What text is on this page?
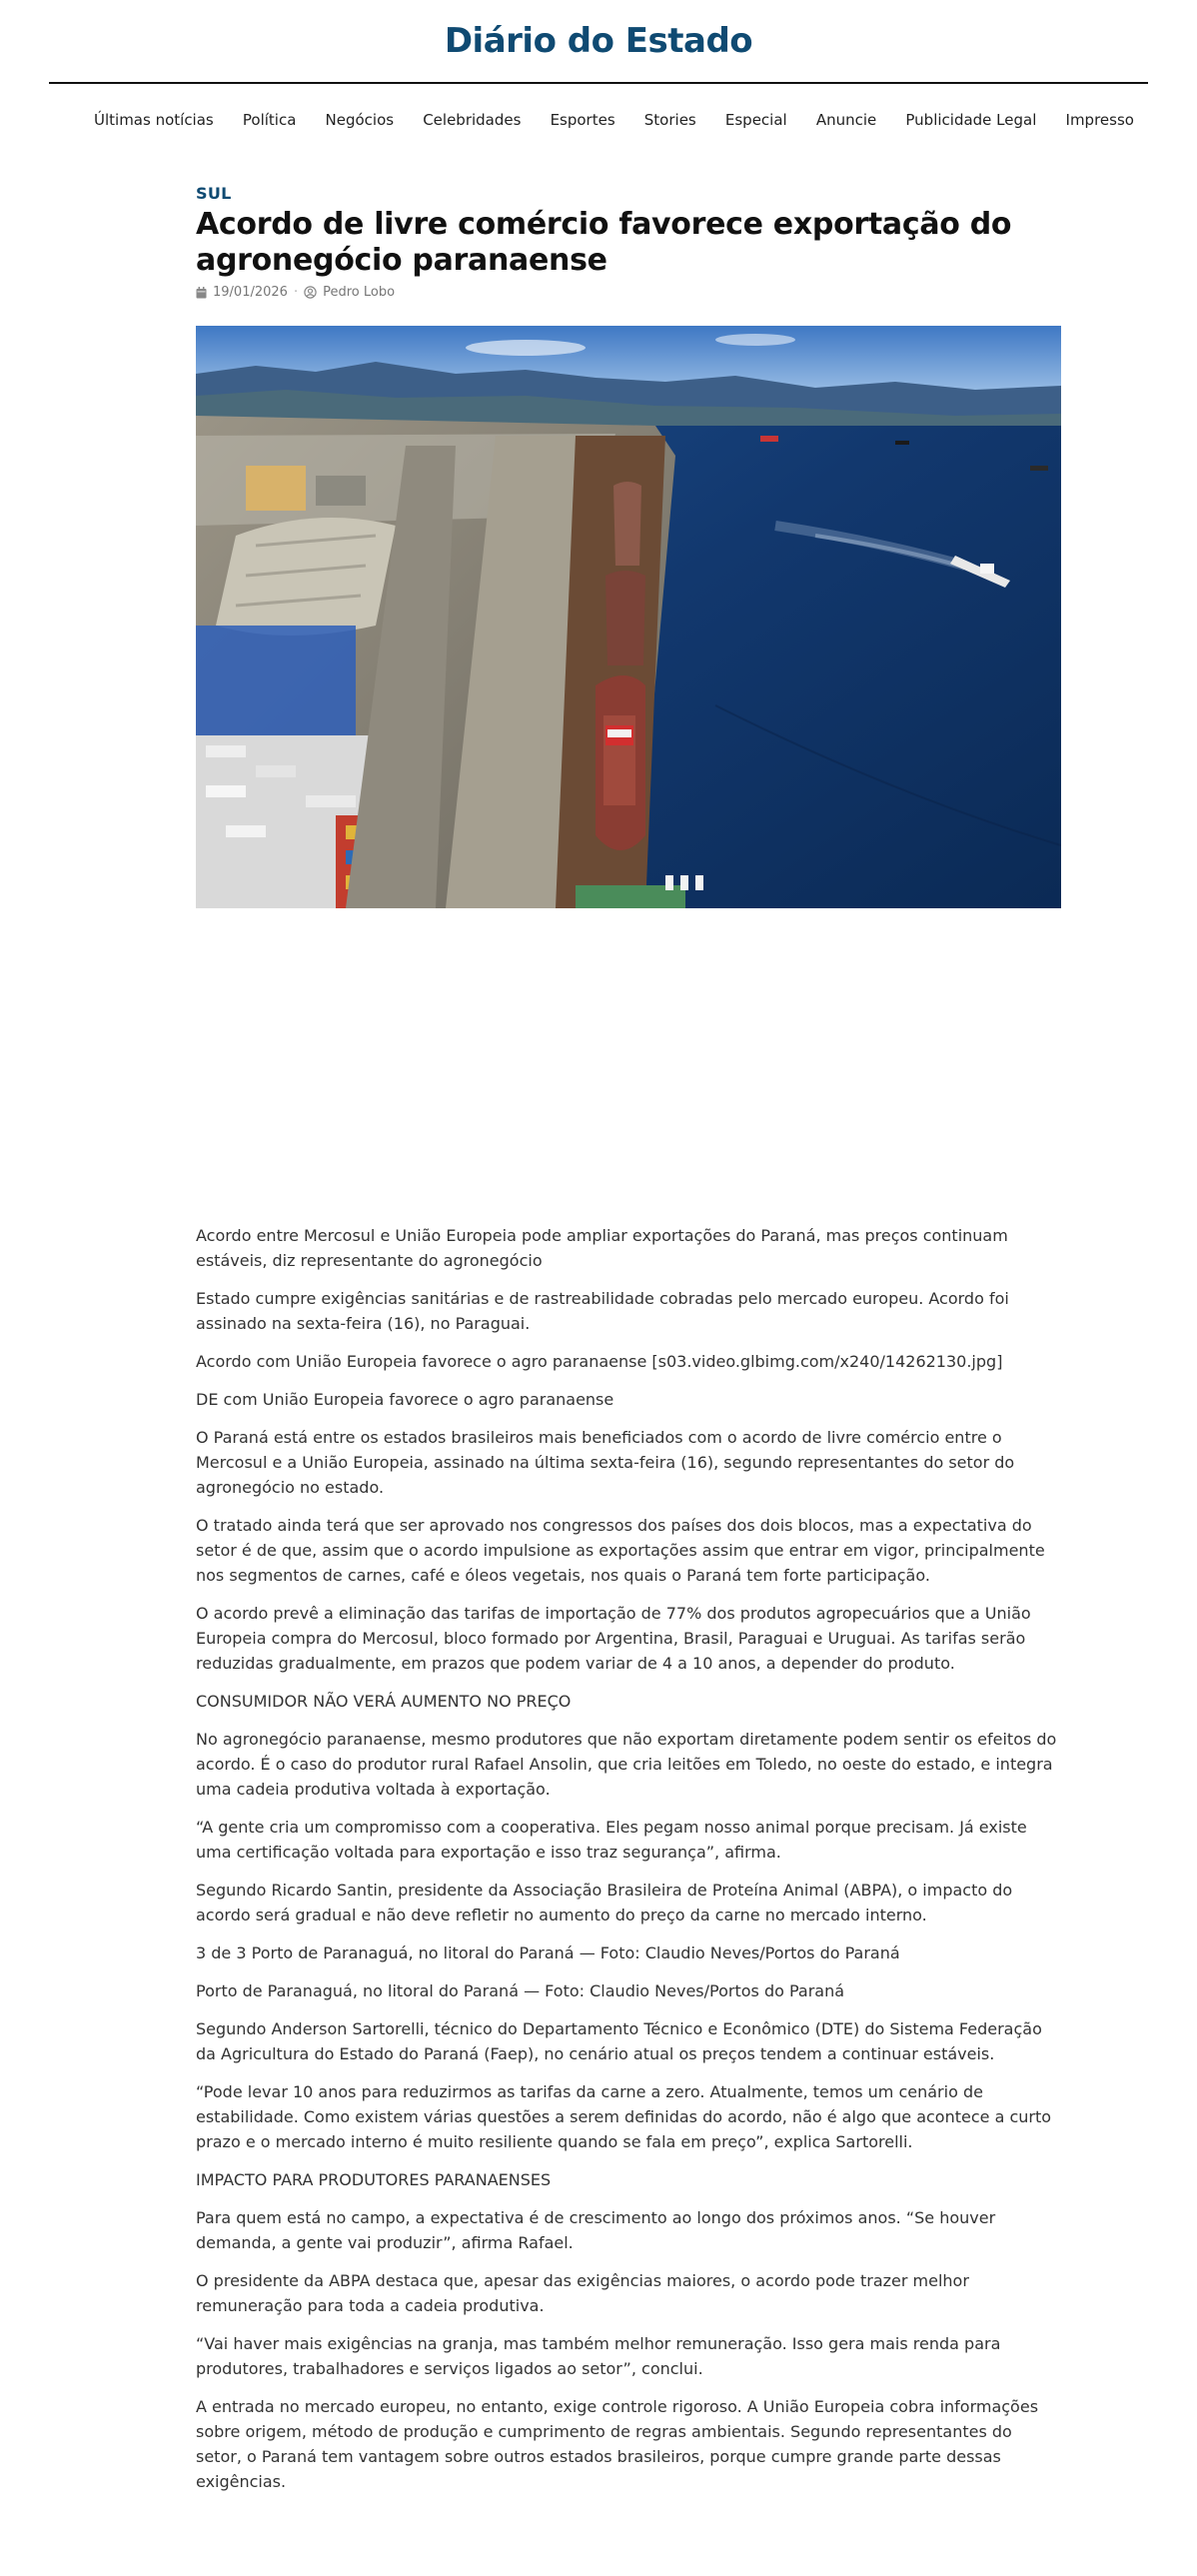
Diário do Estado
Últimas notícias Política Negócios Celebridades Esportes Stories Especial Anuncie Publicidade Legal Impresso
SUL
Acordo de livre comércio favorece exportação do agronegócio paranaense
19/01/2026 · Pedro Lobo

Acordo entre Mercosul e União Europeia pode ampliar exportações do Paraná, mas preços continuam estáveis, diz representante do agronegócio

Estado cumpre exigências sanitárias e de rastreabilidade cobradas pelo mercado europeu. Acordo foi assinado na sexta-feira (16), no Paraguai.

Acordo com União Europeia favorece o agro paranaense [s03.video.glbimg.com/x240/14262130.jpg]

DE com União Europeia favorece o agro paranaense

O Paraná está entre os estados brasileiros mais beneficiados com o acordo de livre comércio entre o Mercosul e a União Europeia, assinado na última sexta-feira (16), segundo representantes do setor do agronegócio no estado.

O tratado ainda terá que ser aprovado nos congressos dos países dos dois blocos, mas a expectativa do setor é de que, assim que o acordo impulsione as exportações assim que entrar em vigor, principalmente nos segmentos de carnes, café e óleos vegetais, nos quais o Paraná tem forte participação.

O acordo prevê a eliminação das tarifas de importação de 77% dos produtos agropecuários que a União Europeia compra do Mercosul, bloco formado por Argentina, Brasil, Paraguai e Uruguai. As tarifas serão reduzidas gradualmente, em prazos que podem variar de 4 a 10 anos, a depender do produto.

CONSUMIDOR NÃO VERÁ AUMENTO NO PREÇO

No agronegócio paranaense, mesmo produtores que não exportam diretamente podem sentir os efeitos do acordo. É o caso do produtor rural Rafael Ansolin, que cria leitões em Toledo, no oeste do estado, e integra uma cadeia produtiva voltada à exportação.

“A gente cria um compromisso com a cooperativa. Eles pegam nosso animal porque precisam. Já existe uma certificação voltada para exportação e isso traz segurança”, afirma.

Segundo Ricardo Santin, presidente da Associação Brasileira de Proteína Animal (ABPA), o impacto do acordo será gradual e não deve refletir no aumento do preço da carne no mercado interno.

3 de 3 Porto de Paranaguá, no litoral do Paraná — Foto: Claudio Neves/Portos do Paraná

Porto de Paranaguá, no litoral do Paraná — Foto: Claudio Neves/Portos do Paraná

Segundo Anderson Sartorelli, técnico do Departamento Técnico e Econômico (DTE) do Sistema Federação da Agricultura do Estado do Paraná (Faep), no cenário atual os preços tendem a continuar estáveis.

“Pode levar 10 anos para reduzirmos as tarifas da carne a zero. Atualmente, temos um cenário de estabilidade. Como existem várias questões a serem definidas do acordo, não é algo que acontece a curto prazo e o mercado interno é muito resiliente quando se fala em preço”, explica Sartorelli.

IMPACTO PARA PRODUTORES PARANAENSES

Para quem está no campo, a expectativa é de crescimento ao longo dos próximos anos. “Se houver demanda, a gente vai produzir”, afirma Rafael.

O presidente da ABPA destaca que, apesar das exigências maiores, o acordo pode trazer melhor remuneração para toda a cadeia produtiva.

“Vai haver mais exigências na granja, mas também melhor remuneração. Isso gera mais renda para produtores, trabalhadores e serviços ligados ao setor”, conclui.

A entrada no mercado europeu, no entanto, exige controle rigoroso. A União Europeia cobra informações sobre origem, método de produção e cumprimento de regras ambientais. Segundo representantes do setor, o Paraná tem vantagem sobre outros estados brasileiros, porque cumpre grande parte dessas exigências.
